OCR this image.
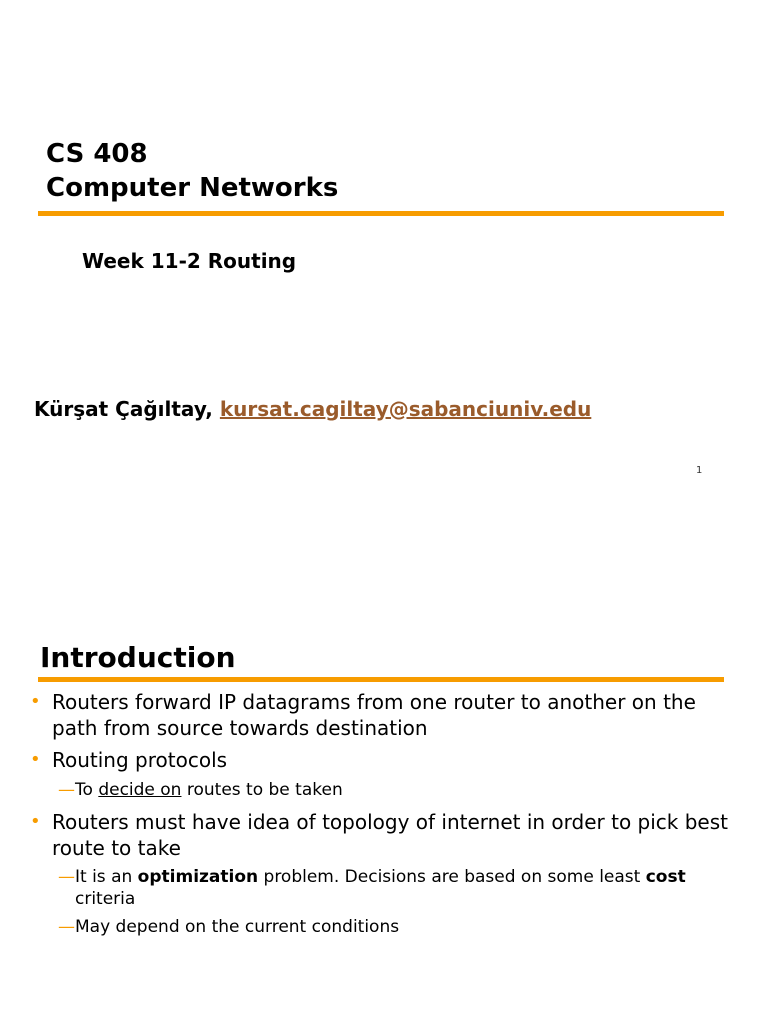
CS 408
Computer Networks
Week 11-2 Routing
Kürşat Çağıltay, kursat.cagiltay@sabanciuniv.edu
1
Introduction
• Routers forward IP datagrams from one router to another on the path from source towards destination
• Routing protocols
—To decide on routes to be taken
• Routers must have idea of topology of internet in order to pick best route to take
—It is an optimization problem. Decisions are based on some least cost
criteria
—May depend on the current conditions
